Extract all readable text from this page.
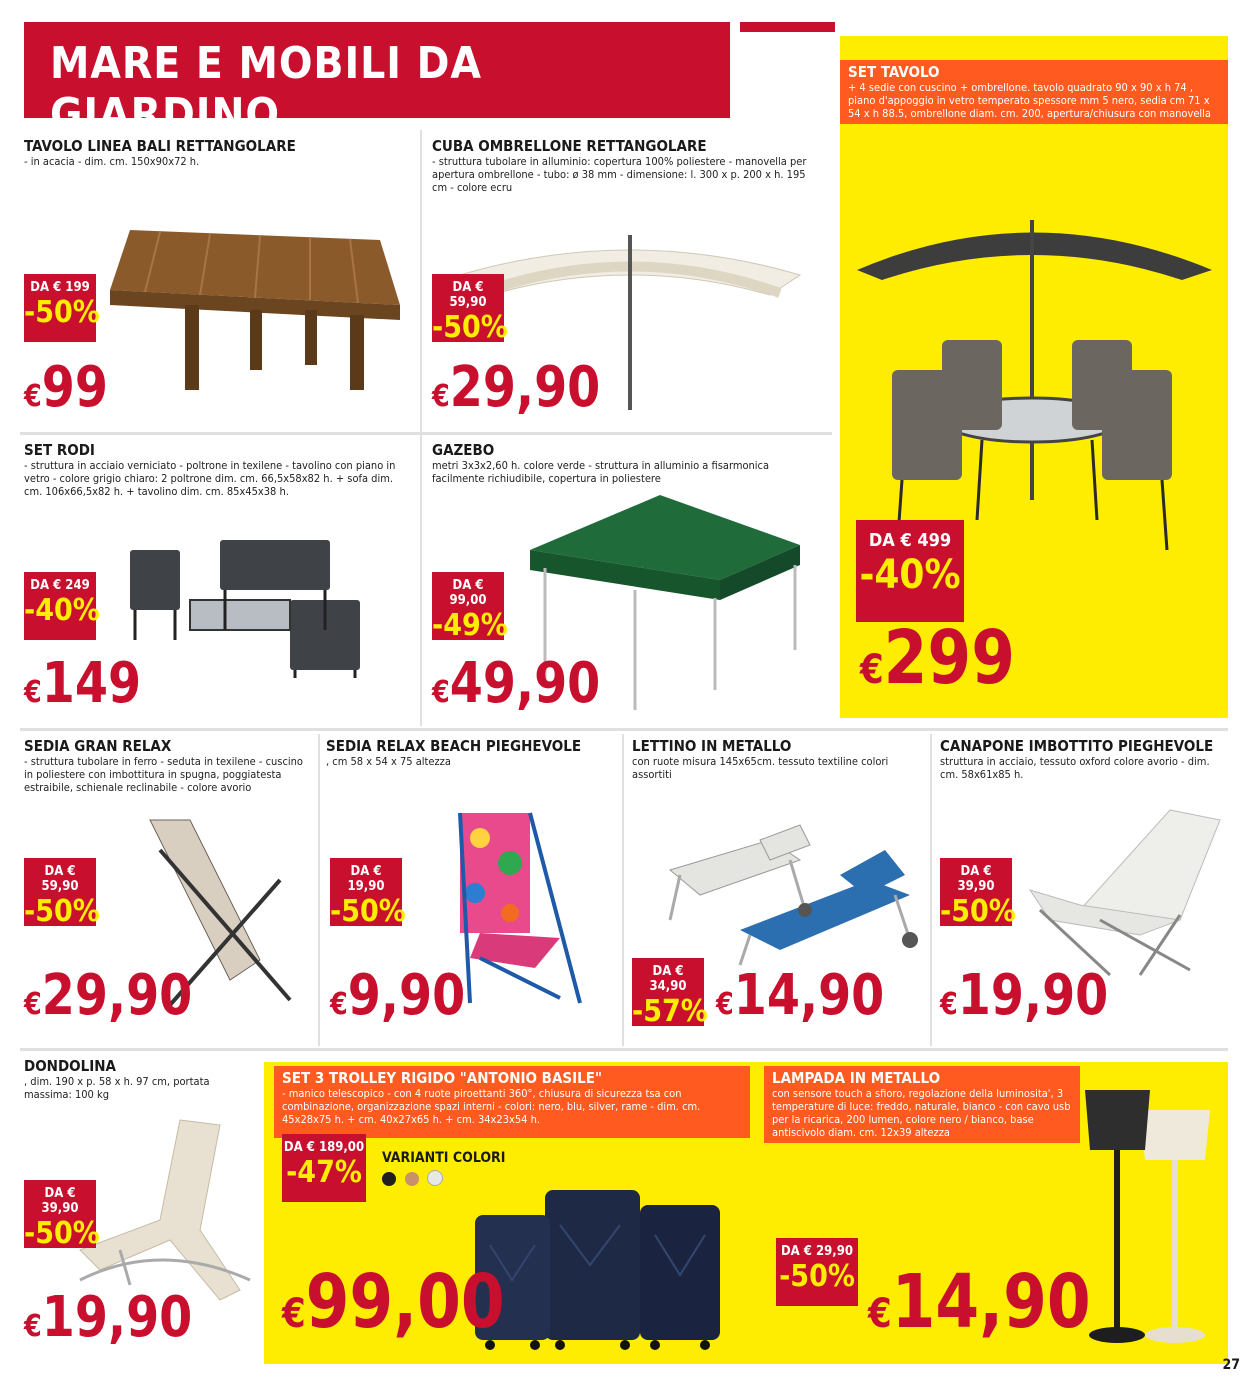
MARE E MOBILI DA GIARDINO
TAVOLO LINEA BALI RETTANGOLARE
- in acacia - dim. cm. 150x90x72 h.
DA € 199
-50%
€99
CUBA OMBRELLONE RETTANGOLARE
- struttura tubolare in alluminio: copertura 100% poliestere - manovella per apertura ombrellone - tubo: ø 38 mm - dimensione: l. 300 x p. 200 x h. 195 cm - colore ecru
DA € 59,90
-50%
€29,90
SET TAVOLO
+ 4 sedie con cuscino + ombrellone. tavolo quadrato 90 x 90 x h 74 , piano d'appoggio in vetro temperato spessore mm 5 nero, sedia cm 71 x 54 x h 88.5, ombrellone diam. cm. 200, apertura/chiusura con manovella
DA € 499
-40%
€299
SET RODI
- struttura in acciaio verniciato - poltrone in texilene - tavolino con piano in vetro - colore grigio chiaro: 2 poltrone dim. cm. 66,5x58x82 h. + sofa dim. cm. 106x66,5x82 h. + tavolino dim. cm. 85x45x38 h.
DA € 249
-40%
€149
GAZEBO
metri 3x3x2,60 h. colore verde - struttura in alluminio a fisarmonica facilmente richiudibile, copertura in poliestere
DA € 99,00
-49%
€49,90
SEDIA GRAN RELAX
- struttura tubolare in ferro - seduta in texilene - cuscino in poliestere con imbottitura in spugna, poggiatesta estraibile, schienale reclinabile - colore avorio
DA € 59,90
-50%
€29,90
SEDIA RELAX BEACH PIEGHEVOLE
, cm 58 x 54 x 75 altezza
DA € 19,90
-50%
€9,90
LETTINO IN METALLO
con ruote misura 145x65cm. tessuto textiline colori assortiti
DA € 34,90
-57% €14,90
CANAPONE IMBOTTITO PIEGHEVOLE
struttura in acciaio, tessuto oxford colore avorio - dim. cm. 58x61x85 h.
DA € 39,90
-50%
€19,90
DONDOLINA
, dim. 190 x p. 58 x h. 97 cm, portata massima: 100 kg
DA € 39,90
-50%
€19,90
SET 3 TROLLEY RIGIDO "ANTONIO BASILE"
- manico telescopico - con 4 ruote piroettanti 360°, chiusura di sicurezza tsa con combinazione, organizzazione spazi interni - colori: nero, blu, silver, rame - dim. cm. 45x28x75 h. + cm. 40x27x65 h. + cm. 34x23x54 h.
VARIANTI COLORI

DA € 189,00
-47%
€99,00
LAMPADA IN METALLO
con sensore touch a sfioro, regolazione della luminosita', 3 temperature di luce: freddo, naturale, bianco - con cavo usb per la ricarica, 200 lumen, colore nero / bianco, base antiscivolo diam. cm. 12x39 altezza
DA € 29,90
-50%
€14,90
27
